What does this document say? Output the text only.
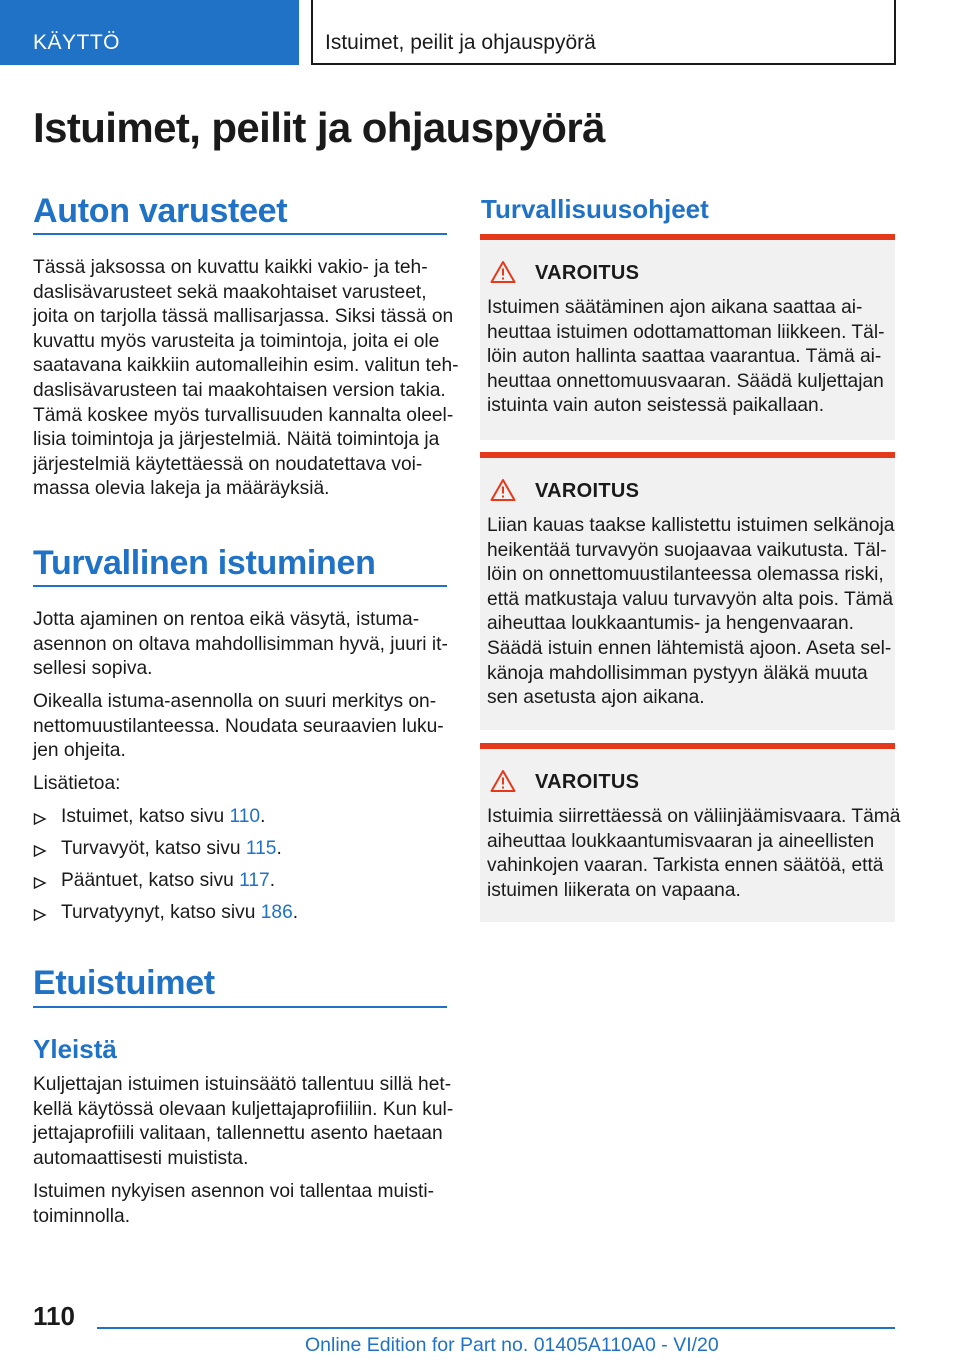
KÄYTTÖ	Istuimet, peilit ja ohjauspyörä
Istuimet, peilit ja ohjauspyörä
Auton varusteet
Tässä jaksossa on kuvattu kaikki vakio- ja teh‐
daslisävarusteet sekä maakohtaiset varusteet,
joita on tarjolla tässä mallisarjassa. Siksi tässä on
kuvattu myös varusteita ja toimintoja, joita ei ole
saatavana kaikkiin automalleihin esim. valitun teh‐
daslisävarusteen tai maakohtaisen version takia.
Tämä koskee myös turvallisuuden kannalta oleel‐
lisia toimintoja ja järjestelmiä. Näitä toimintoja ja
järjestelmiä käytettäessä on noudatettava voi‐
massa olevia lakeja ja määräyksiä.
Turvallinen istuminen
Jotta ajaminen on rentoa eikä väsytä, istuma‐
asennon on oltava mahdollisimman hyvä, juuri it‐
sellesi sopiva.
Oikealla istuma-asennolla on suuri merkitys on‐
nettomuustilanteessa. Noudata seuraavien luku‐
jen ohjeita.
Lisätietoa:
Istuimet, katso sivu 110.
Turvavyöt, katso sivu 115.
Pääntuet, katso sivu 117.
Turvatyynyt, katso sivu 186.
Etuistuimet
Yleistä
Kuljettajan istuimen istuinsäätö tallentuu sillä het‐
kellä käytössä olevaan kuljettajaprofiiliin. Kun kul‐
jettajaprofiili valitaan, tallennettu asento haetaan
automaattisesti muistista.
Istuimen nykyisen asennon voi tallentaa muisti‐
toiminnolla.
Turvallisuusohjeet
VAROITUS
Istuimen säätäminen ajon aikana saattaa ai‐
heuttaa istuimen odottamattoman liikkeen. Täl‐
löin auton hallinta saattaa vaarantua. Tämä ai‐
heuttaa onnettomuusvaaran. Säädä kuljettajan
istuinta vain auton seistessä paikallaan.
VAROITUS
Liian kauas taakse kallistettu istuimen selkänoja
heikentää turvavyön suojaavaa vaikutusta. Täl‐
löin on onnettomuustilanteessa olemassa riski,
että matkustaja valuu turvavyön alta pois. Tämä
aiheuttaa loukkaantumis- ja hengenvaaran.
Säädä istuin ennen lähtemistä ajoon. Aseta sel‐
känoja mahdollisimman pystyyn äläkä muuta
sen asetusta ajon aikana.
VAROITUS
Istuimia siirrettäessä on väliinjäämisvaara. Tämä
aiheuttaa loukkaantumisvaaran ja aineellisten
vahinkojen vaaran. Tarkista ennen säätöä, että
istuimen liikerata on vapaana.
110
Online Edition for Part no. 01405A110A0 - VI/20
